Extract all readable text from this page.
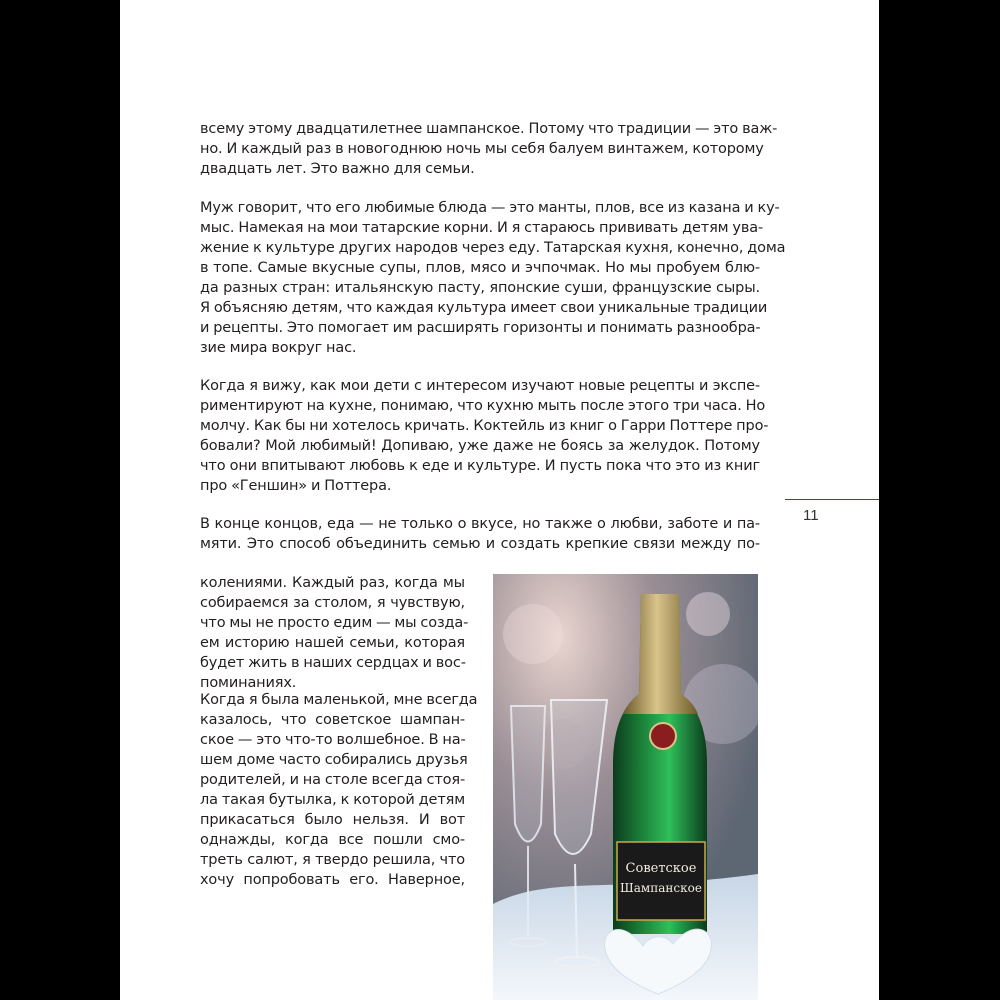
всему этому двадцатилетнее шампанское. Потому что традиции — это важ-
но. И каждый раз в новогоднюю ночь мы себя балуем винтажем, которому
двадцать лет. Это важно для семьи.

Муж говорит, что его любимые блюда — это манты, плов, все из казана и ку-
мыс. Намекая на мои татарские корни. И я стараюсь прививать детям ува-
жение к культуре других народов через еду. Татарская кухня, конечно, дома
в топе. Самые вкусные супы, плов, мясо и эчпочмак. Но мы пробуем блю-
да разных стран: итальянскую пасту, японские суши, французские сыры.
Я объясняю детям, что каждая культура имеет свои уникальные традиции
и рецепты. Это помогает им расширять горизонты и понимать разнообра-
зие мира вокруг нас.

Когда я вижу, как мои дети с интересом изучают новые рецепты и экспе-
риментируют на кухне, понимаю, что кухню мыть после этого три часа. Но
молчу. Как бы ни хотелось кричать. Коктейль из книг о Гарри Поттере про-
бовали? Мой любимый! Допиваю, уже даже не боясь за желудок. Потому
что они впитывают любовь к еде и культуре. И пусть пока что это из книг
про «Геншин» и Поттера.

В конце концов, еда — не только о вкусе, но также о любви, заботе и па-
мяти. Это способ объединить семью и создать крепкие связи между по-

колениями. Каждый раз, когда мы
собираемся за столом, я чувствую,
что мы не просто едим — мы созда-
ем историю нашей семьи, которая
будет жить в наших сердцах и вос-
поминаниях.

Когда я была маленькой, мне всегда
казалось, что советское шампан-
ское — это что-то волшебное. В на-
шем доме часто собирались друзья
родителей, и на столе всегда стоя-
ла такая бутылка, к которой детям
прикасаться было нельзя. И вот
однажды, когда все пошли смо-
треть салют, я твердо решила, что
хочу попробовать его. Наверное,

11
Советское
Шампанское
